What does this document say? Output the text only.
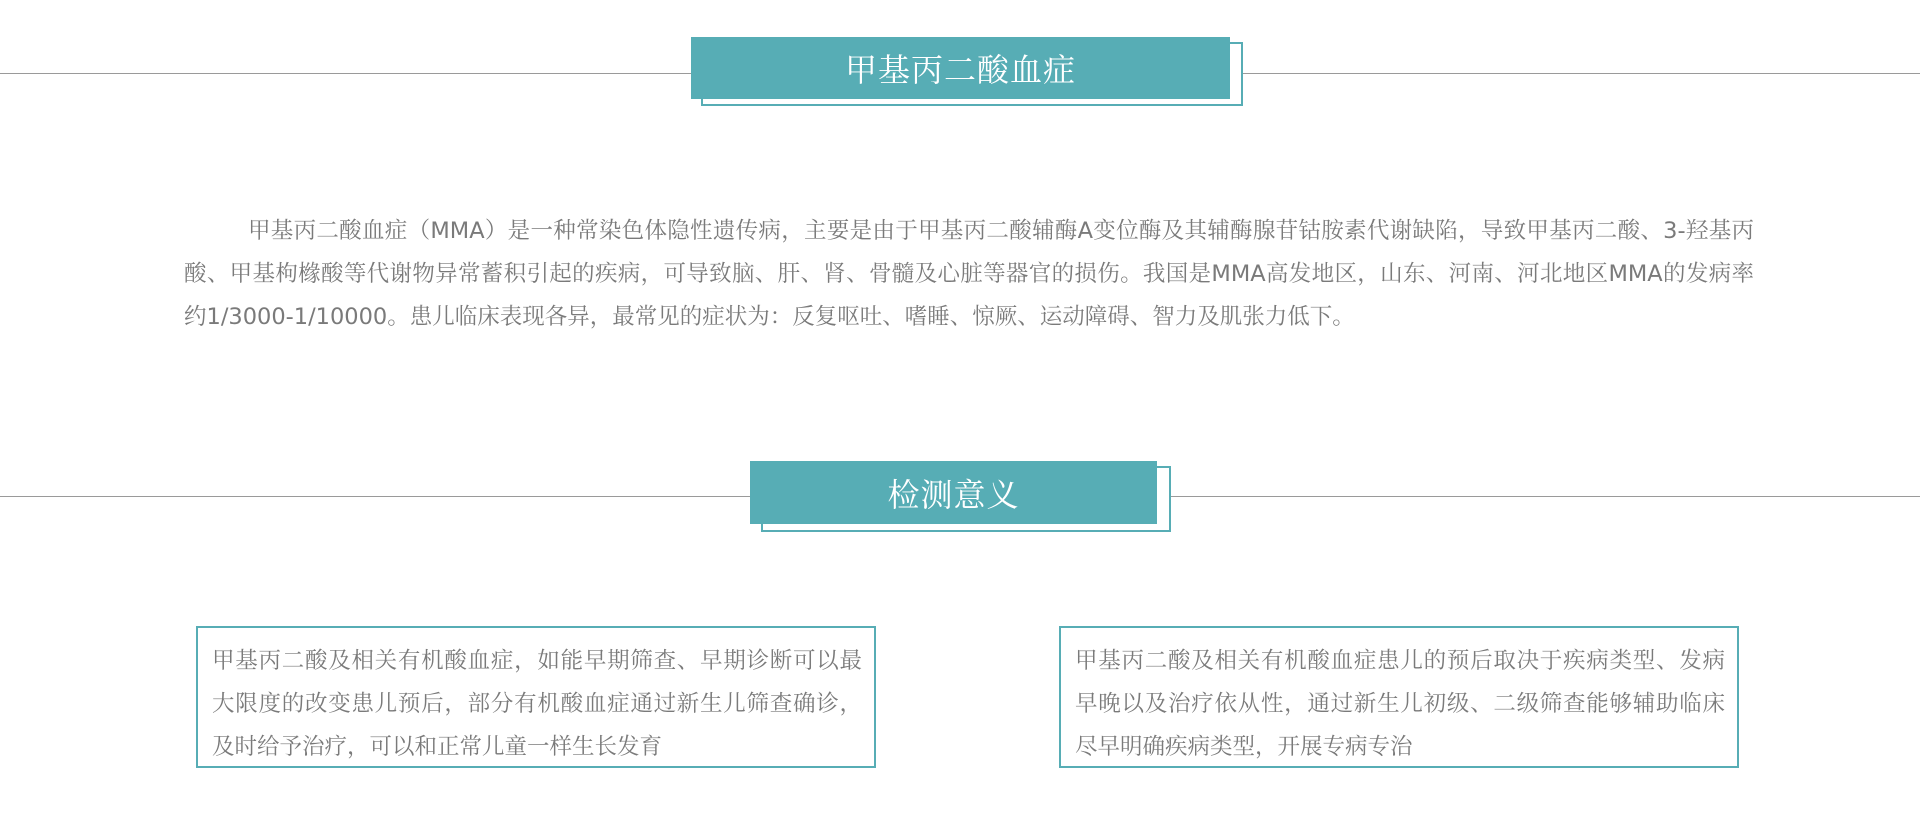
甲基丙二酸血症
甲基丙二酸血症（MMA）是一种常染色体隐性遗传病，主要是由于甲基丙二酸辅酶A变位酶及其辅酶腺苷钴胺素代谢缺陷，导致甲基丙二酸、3-羟基丙酸、甲基枸橼酸等代谢物异常蓄积引起的疾病，可导致脑、肝、肾、骨髓及心脏等器官的损伤。我国是MMA高发地区，山东、河南、河北地区MMA的发病率约1/3000-1/10000。患儿临床表现各异，最常见的症状为：反复呕吐、嗜睡、惊厥、运动障碍、智力及肌张力低下。
检测意义
甲基丙二酸及相关有机酸血症，如能早期筛查、早期诊断可以最大限度的改变患儿预后，部分有机酸血症通过新生儿筛查确诊，及时给予治疗，可以和正常儿童一样生长发育
甲基丙二酸及相关有机酸血症患儿的预后取决于疾病类型、发病早晚以及治疗依从性，通过新生儿初级、二级筛查能够辅助临床尽早明确疾病类型，开展专病专治
